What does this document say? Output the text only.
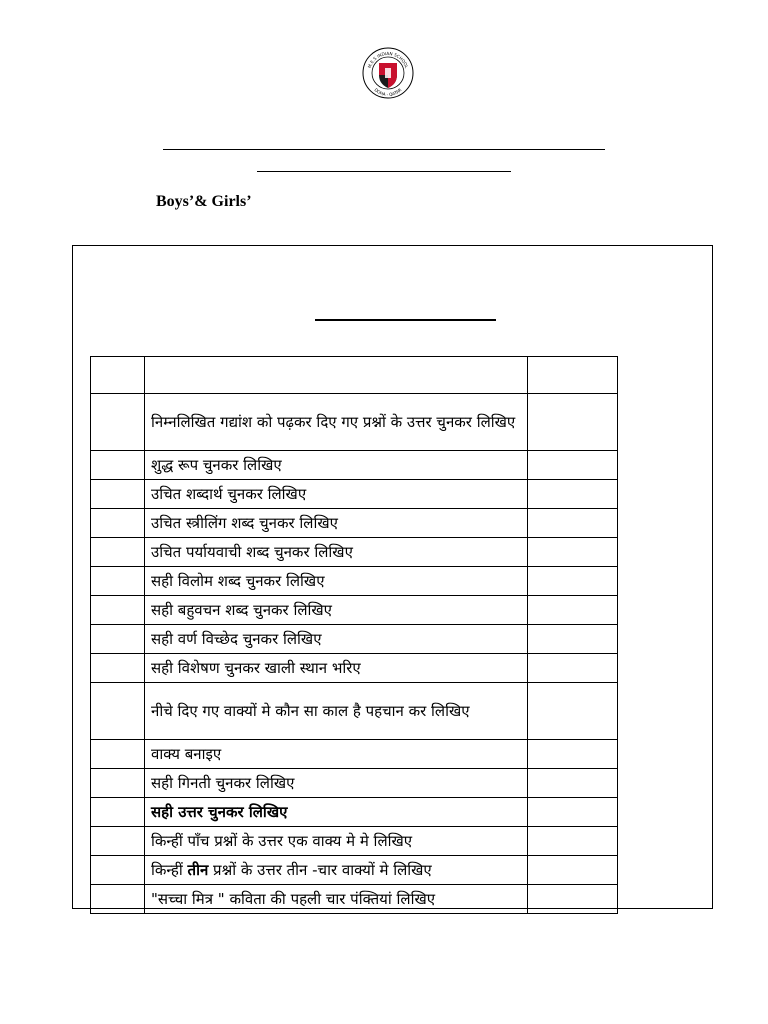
M.E.S INDIAN SCHOOL
DOHA - QATAR
Boys’& Girls’

	निम्नलिखित गद्यांश को पढ़कर दिए गए प्रश्नों के उत्तर चुनकर लिखिए	
	शुद्ध रूप चुनकर लिखिए	
	उचित शब्दार्थ चुनकर लिखिए	
	उचित स्त्रीलिंग शब्द चुनकर लिखिए	
	उचित पर्यायवाची शब्द चुनकर लिखिए	
	सही विलोम शब्द चुनकर लिखिए	
	सही बहुवचन शब्द चुनकर लिखिए	
	सही वर्ण विच्छेद चुनकर लिखिए	
	सही विशेषण चुनकर खाली स्थान भरिए	
	नीचे दिए गए वाक्यों मे कौन सा काल है पहचान कर लिखिए	
	वाक्य बनाइए	
	सही गिनती चुनकर लिखिए	
	सही उत्तर चुनकर लिखिए	
	किन्हीं पाँच प्रश्नों के उत्तर एक वाक्य मे मे लिखिए	
	किन्हीं तीन प्रश्नों के उत्तर तीन -चार वाक्यों मे लिखिए	
	"सच्चा मित्र " कविता की पहली चार पंक्तियां लिखिए	
